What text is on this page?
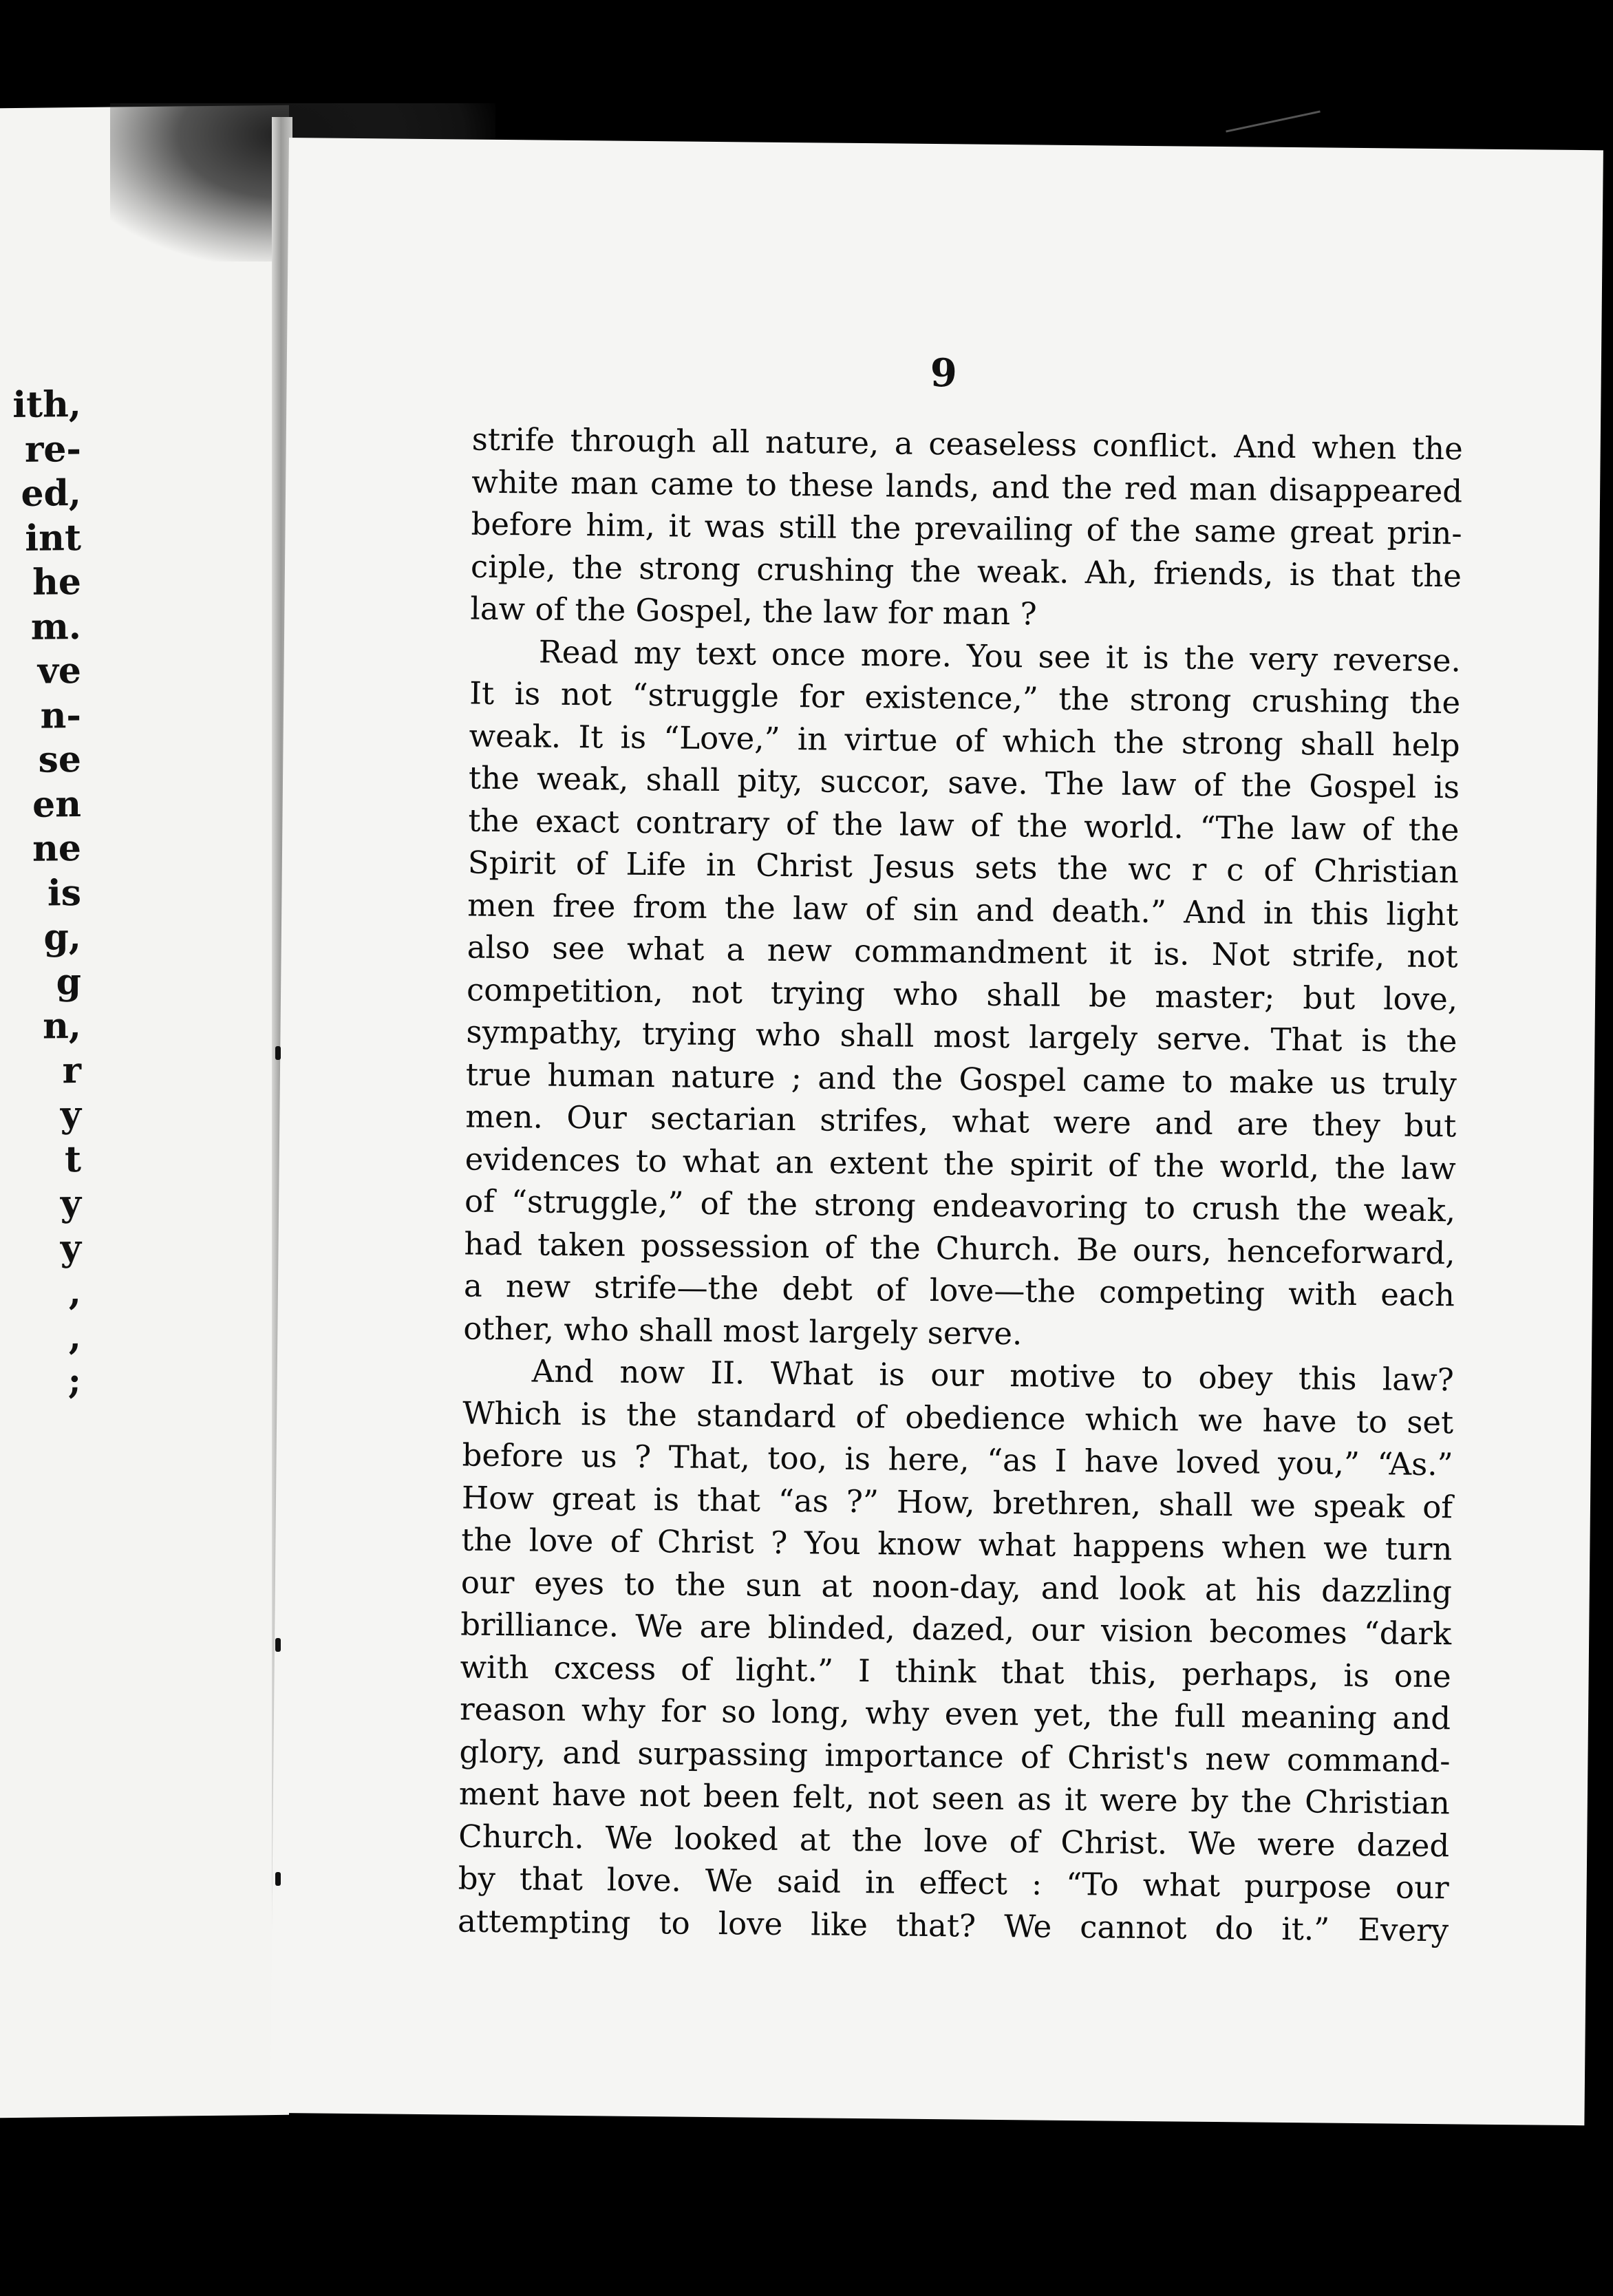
ith,
re-
ed,
int
he
m.
ve
n-
se
en
ne
is
g,
g
n,
r
y
t
y
y
,
,
;
9
strife through all nature, a ceaseless conflict. And when the
white man came to these lands, and the red man disappeared
before him, it was still the prevailing of the same great prin-
ciple, the strong crushing the weak. Ah, friends, is that the
law of the Gospel, the law for man ?
Read my text once more. You see it is the very reverse.
It is not “struggle for existence,” the strong crushing the
weak. It is “Love,” in virtue of which the strong shall help
the weak, shall pity, succor, save. The law of the Gospel is
the exact contrary of the law of the world. “The law of the
Spirit of Life in Christ Jesus sets the wc r c of Christian
men free from the law of sin and death.” And in this light
also see what a new commandment it is. Not strife, not
competition, not trying who shall be master; but love,
sympathy, trying who shall most largely serve. That is the
true human nature ; and the Gospel came to make us truly
men. Our sectarian strifes, what were and are they but
evidences to what an extent the spirit of the world, the law
of “struggle,” of the strong endeavoring to crush the weak,
had taken possession of the Church. Be ours, henceforward,
a new strife—the debt of love—the competing with each
other, who shall most largely serve.
And now II. What is our motive to obey this law?
Which is the standard of obedience which we have to set
before us ? That, too, is here, “as I have loved you,” “As.”
How great is that “as ?” How, brethren, shall we speak of
the love of Christ ? You know what happens when we turn
our eyes to the sun at noon-day, and look at his dazzling
brilliance. We are blinded, dazed, our vision becomes “dark
with cxcess of light.” I think that this, perhaps, is one
reason why for so long, why even yet, the full meaning and
glory, and surpassing importance of Christ's new command-
ment have not been felt, not seen as it were by the Christian
Church. We looked at the love of Christ. We were dazed
by that love. We said in effect : “To what purpose our
attempting to love like that? We cannot do it.” Every
